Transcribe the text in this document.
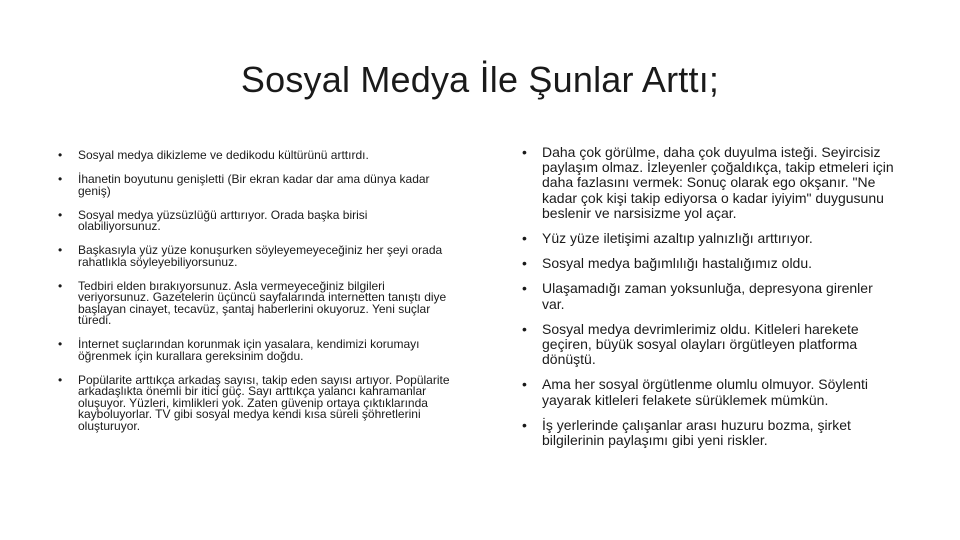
Sosyal Medya İle Şunlar Arttı;
•	Sosyal medya dikizleme ve dedikodu kültürünü arttırdı.
•	İhanetin boyutunu genişletti (Bir ekran kadar dar ama dünya kadar geniş)
•	Sosyal medya yüzsüzlüğü arttırıyor. Orada başka birisi olabiliyorsunuz.
•	Başkasıyla yüz yüze konuşurken söyleyemeyeceğiniz her şeyi orada rahatlıkla söyleyebiliyorsunuz.
•	Tedbiri elden bırakıyorsunuz. Asla vermeyeceğiniz bilgileri veriyorsunuz. Gazetelerin üçüncü sayfalarında internetten tanıştı diye başlayan cinayet, tecavüz, şantaj haberlerini okuyoruz. Yeni suçlar türedi.
•	İnternet suçlarından korunmak için yasalara, kendimizi korumayı öğrenmek için kurallara gereksinim doğdu.
•	Popülarite arttıkça arkadaş sayısı, takip eden sayısı artıyor. Popülarite arkadaşlıkta önemli bir itici güç. Sayı arttıkça yalancı kahramanlar oluşuyor. Yüzleri, kimlikleri yok. Zaten güvenip ortaya çıktıklarında kayboluyorlar. TV gibi sosyal medya kendi kısa süreli şöhretlerini oluşturuyor.
•	Daha çok görülme, daha çok duyulma isteği. Seyircisiz paylaşım olmaz. İzleyenler çoğaldıkça, takip etmeleri için daha fazlasını vermek: Sonuç olarak ego okşanır. "Ne kadar çok kişi takip ediyorsa o kadar iyiyim" duygusunu beslenir ve narsisizme yol açar.
•	Yüz yüze iletişimi azaltıp yalnızlığı arttırıyor.
•	Sosyal medya bağımlılığı hastalığımız oldu.
•	Ulaşamadığı zaman yoksunluğa, depresyona girenler var.
•	Sosyal medya devrimlerimiz oldu. Kitleleri harekete geçiren, büyük sosyal olayları örgütleyen platforma dönüştü.
•	Ama her sosyal örgütlenme olumlu olmuyor. Söylenti yayarak kitleleri felakete sürüklemek mümkün.
•	İş yerlerinde çalışanlar arası huzuru bozma, şirket bilgilerinin paylaşımı gibi yeni riskler.
